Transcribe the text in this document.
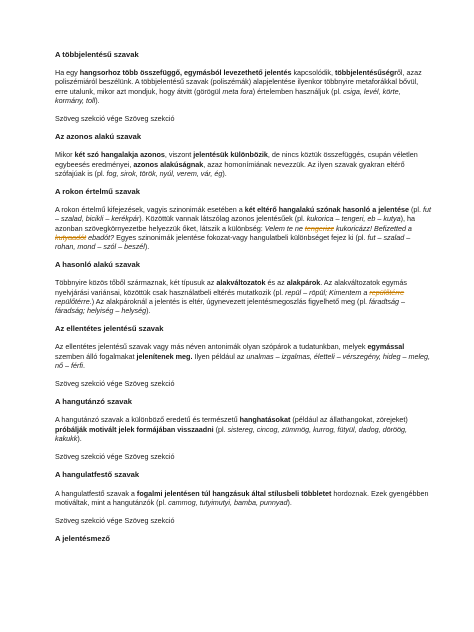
A többjelentésű szavak

Ha egy hangsorhoz több összefüggő, egymásból levezethető jelentés kapcsolódik, többjelentésűségről, azaz poliszémiáról beszélünk. A többjelentésű szavak (poliszémák) alapjelentése ilyenkor többnyire metaforákkal bővül, erre utalunk, mikor azt mondjuk, hogy átvitt (görögül meta fora) értelemben használjuk (pl. csiga, levél, körte, kormány, toll).

Szöveg szekció vége Szöveg szekció
Az azonos alakú szavak

Mikor két szó hangalakja azonos, viszont jelentésük különbözik, de nincs köztük összefüggés, csupán véletlen egybeesés eredményei, azonos alakúságnak, azaz homonímiának nevezzük. Az ilyen szavak gyakran eltérő szófajúak is (pl. fog, sirok, török, nyúl, verem, vár, ég).

A rokon értelmű szavak

A rokon értelmű kifejezések, vagyis szinonimák esetében a két eltérő hangalakú szónak hasonló a jelentése (pl. fut – szalad, bicikli – kerékpár). Közöttük vannak látszólag azonos jelentésűek (pl. kukorica – tengeri, eb – kutya), ha azonban szövegkörnyezetbe helyezzük őket, látszik a különbség: Velem te ne tengerizz kukoricázz! Befizetted a kutyaadót ebadót? Egyes szinonimák jelentése fokozat-vagy hangulatbeli különbséget fejez ki (pl. fut – szalad – rohan, mond – szól – beszél).

A hasonló alakú szavak

Többnyire közös tőből származnak, két típusuk az alakváltozatok és az alakpárok. Az alakváltozatok egymás nyelvjárási variánsai, közöttük csak használatbeli eltérés mutatkozik (pl. repül – röpül; Kimentem a repülőtérre repülőtérre.) Az alakpároknál a jelentés is eltér, úgynevezett jelentésmegoszlás figyelhető meg (pl. fáradtság – fáradság; helyiség – helység).

Az ellentétes jelentésű szavak

Az ellentétes jelentésű szavak vagy más néven antonimák olyan szópárok a tudatunkban, melyek egymással szemben álló fogalmakat jelenítenek meg. Ilyen például az unalmas – izgalmas, életteli – vérszegény, hideg – meleg, nő – férfi.

Szöveg szekció vége Szöveg szekció
A hangutánzó szavak

A hangutánzó szavak a különböző eredetű és természetű hanghatásokat (például az állathangokat, zörejeket) próbálják motivált jelek formájában visszaadni (pl. sistereg, cincog, zümmög, kurrog, fütyül, dadog, döröög, kakukk).

Szöveg szekció vége Szöveg szekció
A hangulatfestő szavak

A hangulatfestő szavak a fogalmi jelentésen túl hangzásuk által stílusbeli többletet hordoznak. Ezek gyengébben motiváltak, mint a hangutánzók (pl. cammog, tutyimutyi, bamba, punnyad).

Szöveg szekció vége Szöveg szekció
A jelentésmező
